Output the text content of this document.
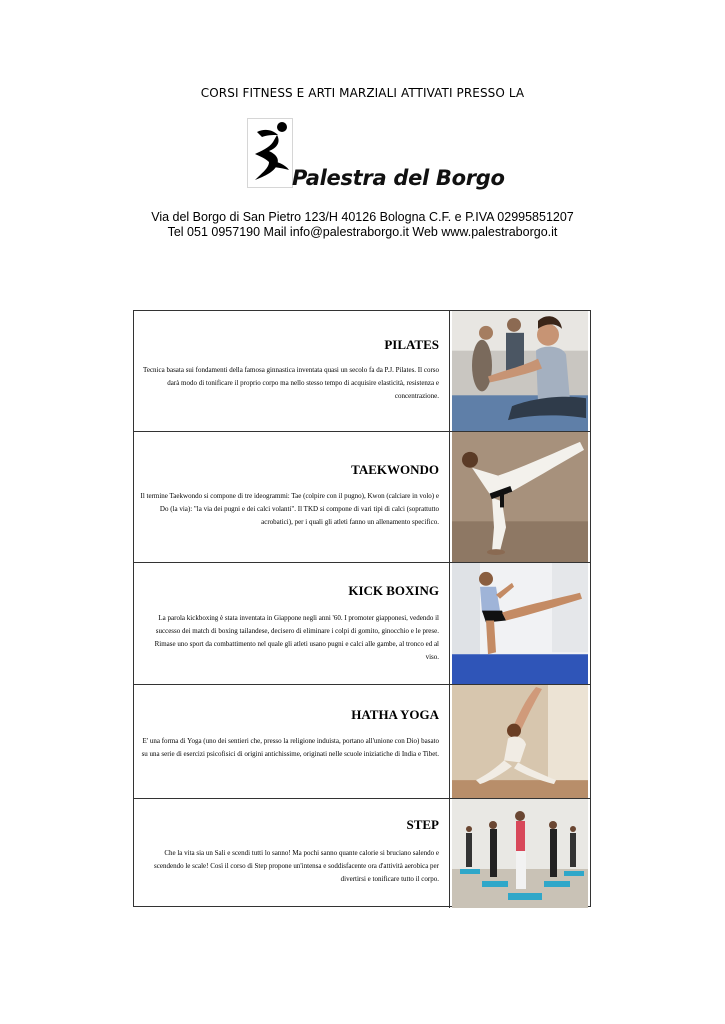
CORSI FITNESS E ARTI MARZIALI ATTIVATI PRESSO LA
Palestra del Borgo
Via del Borgo di San Pietro 123/H 40126 Bologna C.F. e P.IVA 02995851207
Tel 051 0957190 Mail info@palestraborgo.it Web www.palestraborgo.it
PILATES

Tecnica basata sui fondamenti della famosa ginnastica inventata quasi un secolo fa da P.J. Pilates. Il corso darà modo di tonificare il proprio corpo ma nello stesso tempo di acquisire elasticità, resistenza e concentrazione.

TAEKWONDO

Il termine Taekwondo si compone di tre ideogrammi: Tae (colpire con il pugno), Kwon (calciare in volo) e Do (la via): "la via dei pugni e dei calci volanti". Il TKD si compone di vari tipi di calci (soprattutto acrobatici), per i quali gli atleti fanno un allenamento specifico.

KICK BOXING

La parola kickboxing è stata inventata in Giappone negli anni '60. I promoter giapponesi, vedendo il successo dei match di boxing tailandese, decisero di eliminare i colpi di gomito, ginocchio e le prese. Rimase uno sport da combattimento nel quale gli atleti usano pugni e calci alle gambe, al tronco ed al viso.

HATHA YOGA

E' una forma di Yoga (uno dei sentieri che, presso la religione induista, portano all'unione con Dio) basato su una serie di esercizi psicofisici di origini antichissime, originati nelle scuole iniziatiche di India e Tibet.

STEP

Che la vita sia un Sali e scendi tutti lo sanno! Ma pochi sanno quante calorie si bruciano salendo e scendendo le scale! Così il corso di Step propone un'intensa e soddisfacente ora d'attività aerobica per divertirsi e tonificare tutto il corpo.
